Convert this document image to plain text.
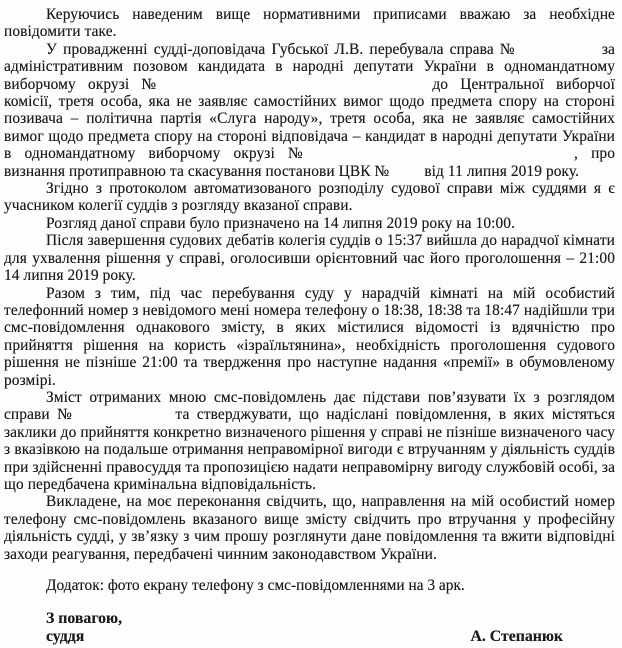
Керуючись наведеним вище нормативними приписами вважаю за необхідне повідомити таке.

У провадженні судді-доповідача Губської Л.В. перебувала справа №	за адміністративним позовом кандидата в народні депутати України в одномандатному виборчому окрузі №	до Центральної виборчої комісії, третя особа, яка не заявляє самостійних вимог щодо предмета спору на стороні позивача – політична партія «Слуга народу», третя особа, яка не заявляє самостійних вимог щодо предмета спору на стороні відповідача – кандидат в народні депутати України в одномандатному виборчому окрузі №	, про визнання протиправною та скасування постанови ЦВК № від 11 липня 2019 року.

Згідно з протоколом автоматизованого розподілу судової справи між суддями я є учасником колегії суддів з розгляду вказаної справи.

Розгляд даної справи було призначено на 14 липня 2019 року на 10:00.

Після завершення судових дебатів колегія суддів о 15:37 вийшла до нарадчої кімнати для ухвалення рішення у справі, оголосивши орієнтовний час його проголошення – 21:00 14 липня 2019 року.

Разом з тим, під час перебування суду у нарадчій кімнаті на мій особистий телефонний номер з невідомого мені номера телефону о 18:38, 18:38 та 18:47 надійшли три смс-повідомлення однакового змісту, в яких містилися відомості із вдячністю про прийняття рішення на користь «ізраїльтянина», необхідність проголошення судового рішення не пізніше 21:00 та твердження про наступне надання «премії» в обумовленому розмірі.

Зміст отриманих мною смс-повідомлень дає підстави пов’язувати їх з розглядом справи №	та стверджувати, що надіслані повідомлення, в яких містяться заклики до прийняття конкретно визначеного рішення у справі не пізніше визначеного часу з вказівкою на подальше отримання неправомірної вигоди є втручанням у діяльність суддів при здійсненні правосуддя та пропозицією надати неправомірну вигоду службовій особі, за що передбачена кримінальна відповідальність.

Викладене, на моє переконання свідчить, що, направлення на мій особистий номер телефону смс-повідомлень вказаного вище змісту свідчить про втручання у професійну діяльність судді, у зв’язку з чим прошу розглянути дане повідомлення та вжити відповідні заходи реагування, передбачені чинним законодавством України.

Додаток: фото екрану телефону з смс-повідомленнями на 3 арк.
З повагою,
суддя	А. Степанюк
